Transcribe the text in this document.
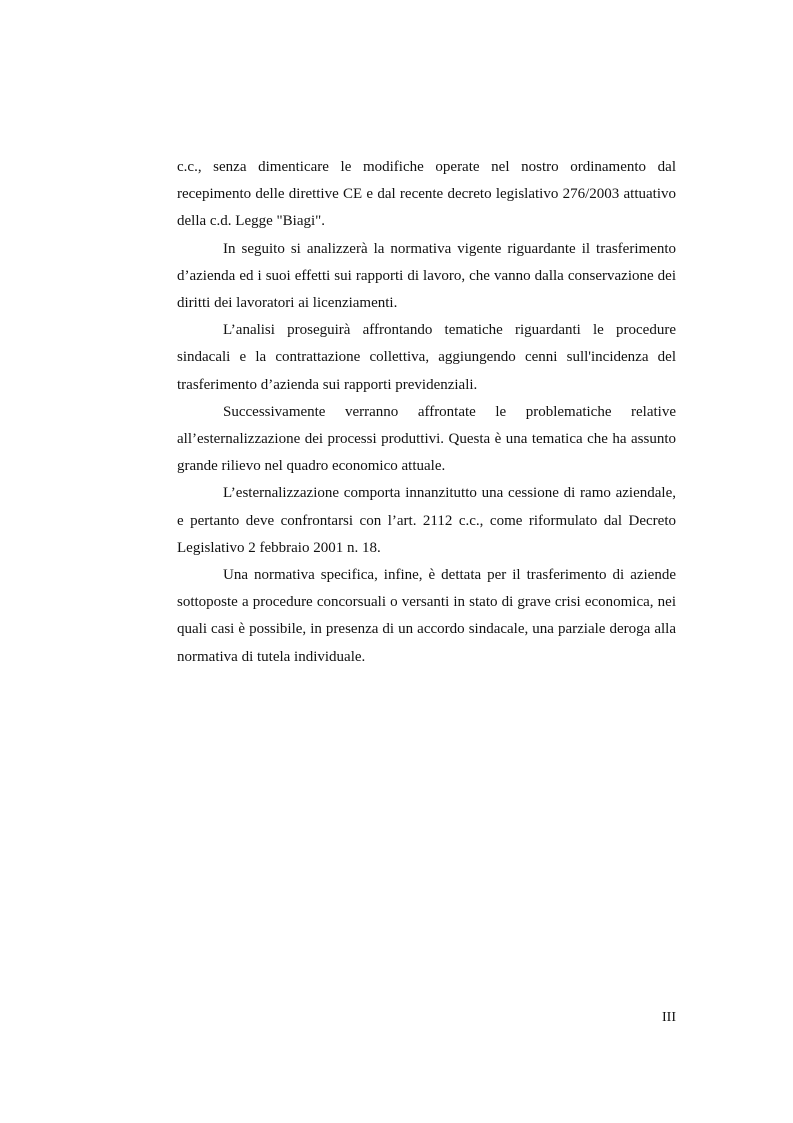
c.c., senza dimenticare le modifiche operate nel nostro ordinamento dal recepimento delle direttive CE e dal recente decreto legislativo 276/2003 attuativo della c.d. Legge "Biagi".

In seguito si analizzerà la normativa vigente riguardante il trasferimento d’azienda ed i suoi effetti sui rapporti di lavoro, che vanno dalla conservazione dei diritti dei lavoratori ai licenziamenti.

L’analisi proseguirà affrontando tematiche riguardanti le procedure sindacali e la contrattazione collettiva, aggiungendo cenni sull'incidenza del trasferimento d’azienda sui rapporti previdenziali.

Successivamente verranno affrontate le problematiche relative all’esternalizzazione dei processi produttivi. Questa è una tematica che ha assunto grande rilievo nel quadro economico attuale.

L’esternalizzazione comporta innanzitutto una cessione di ramo aziendale, e pertanto deve confrontarsi con l’art. 2112 c.c., come riformulato dal Decreto Legislativo 2 febbraio 2001 n. 18.

Una normativa specifica, infine, è dettata per il trasferimento di aziende sottoposte a procedure concorsuali o versanti in stato di grave crisi economica, nei quali casi è possibile, in presenza di un accordo sindacale, una parziale deroga alla normativa di tutela individuale.

III
